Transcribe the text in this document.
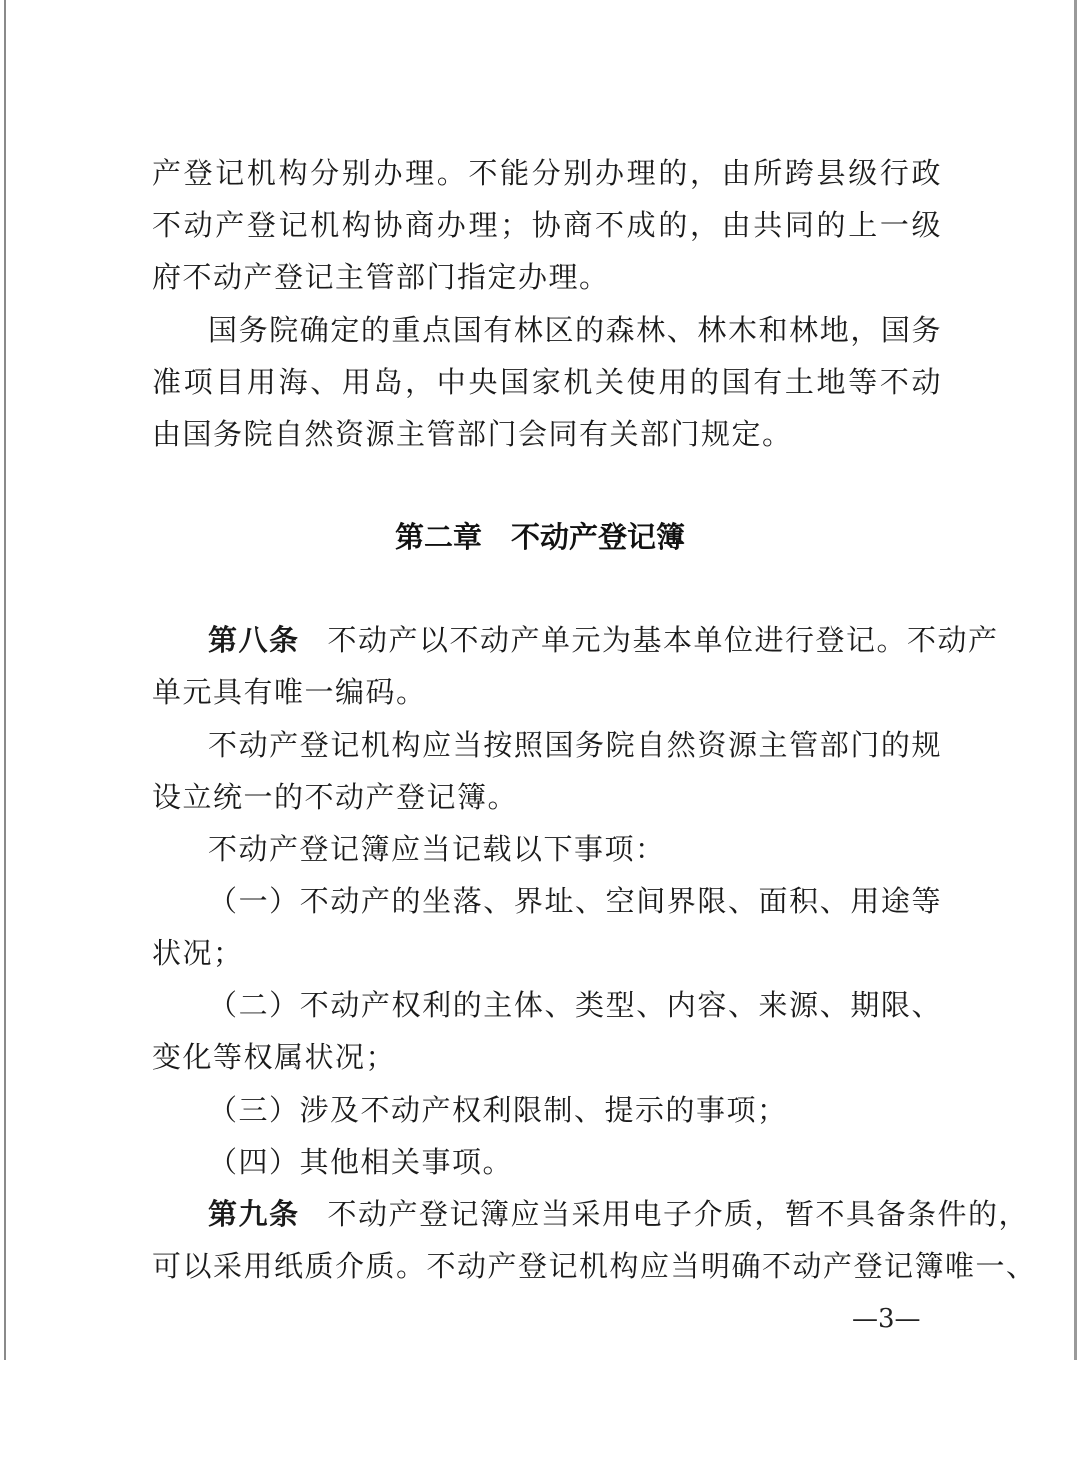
产登记机构分别办理。不能分别办理的，由所跨县级行政
不动产登记机构协商办理；协商不成的，由共同的上一级
府不动产登记主管部门指定办理。
国务院确定的重点国有林区的森林、林木和林地，国务
准项目用海、用岛，中央国家机关使用的国有土地等不动
由国务院自然资源主管部门会同有关部门规定。
第二章　不动产登记簿
第八条 不动产以不动产单元为基本单位进行登记。不动产
单元具有唯一编码。
不动产登记机构应当按照国务院自然资源主管部门的规
设立统一的不动产登记簿。
不动产登记簿应当记载以下事项：
（一）不动产的坐落、界址、空间界限、面积、用途等
状况；
（二）不动产权利的主体、类型、内容、来源、期限、
变化等权属状况；
（三）涉及不动产权利限制、提示的事项；
（四）其他相关事项。
第九条 不动产登记簿应当采用电子介质，暂不具备条件的，
可以采用纸质介质。不动产登记机构应当明确不动产登记簿唯一、
—3—
